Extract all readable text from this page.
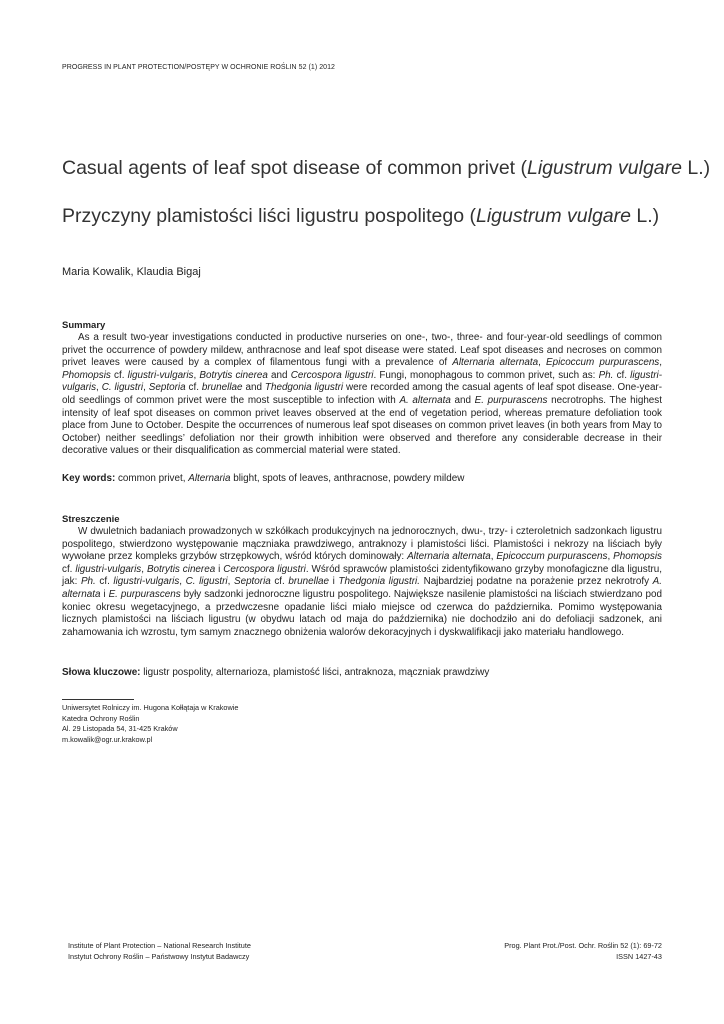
PROGRESS IN PLANT PROTECTION/POSTĘPY W OCHRONIE ROŚLIN 52 (1) 2012
Casual agents of leaf spot disease of common privet (Ligustrum vulgare L.)
Przyczyny plamistości liści ligustru pospolitego (Ligustrum vulgare L.)
Maria Kowalik, Klaudia Bigaj
Summary
As a result two-year investigations conducted in productive nurseries on one-, two-, three- and four-year-old seedlings of common privet the occurrence of powdery mildew, anthracnose and leaf spot disease were stated. Leaf spot diseases and necroses on common privet leaves were caused by a complex of filamentous fungi with a prevalence of Alternaria alternata, Epicoccum purpurascens, Phomopsis cf. ligustri-vulgaris, Botrytis cinerea and Cercospora ligustri. Fungi, monophagous to common privet, such as: Ph. cf. ligustri-vulgaris, C. ligustri, Septoria cf. brunellae and Thedgonia ligustri were recorded among the casual agents of leaf spot disease. One-year-old seedlings of common privet were the most susceptible to infection with A. alternata and E. purpurascens necrotrophs. The highest intensity of leaf spot diseases on common privet leaves observed at the end of vegetation period, whereas premature defoliation took place from June to October. Despite the occurrences of numerous leaf spot diseases on common privet leaves (in both years from May to October) neither seedlings’ defoliation nor their growth inhibition were observed and therefore any considerable decrease in their decorative values or their disqualification as commercial material were stated.
Key words: common privet, Alternaria blight, spots of leaves, anthracnose, powdery mildew
Streszczenie
W dwuletnich badaniach prowadzonych w szkółkach produkcyjnych na jednorocznych, dwu-, trzy- i czteroletnich sadzonkach ligustru pospolitego, stwierdzono występowanie mączniaka prawdziwego, antraknozy i plamistości liści. Plamistości i nekrozy na liściach były wywołane przez kompleks grzybów strzępkowych, wśród których dominowały: Alternaria alternata, Epicoccum purpurascens, Phomopsis cf. ligustri-vulgaris, Botrytis cinerea i Cercospora ligustri. Wśród sprawców plamistości zidentyfikowano grzyby monofagiczne dla ligustru, jak: Ph. cf. ligustri-vulgaris, C. ligustri, Septoria cf. brunellae i Thedgonia ligustri. Najbardziej podatne na porażenie przez nekrotrofy A. alternata i E. purpurascens były sadzonki jednoroczne ligustru pospolitego. Największe nasilenie plamistości na liściach stwierdzano pod koniec okresu wegetacyjnego, a przedwczesne opadanie liści miało miejsce od czerwca do października. Pomimo występowania licznych plamistości na liściach ligustru (w obydwu latach od maja do października) nie dochodziło ani do defoliacji sadzonek, ani zahamowania ich wzrostu, tym samym znacznego obniżenia walorów dekoracyjnych i dyskwalifikacji jako materiału handlowego.
Słowa kluczowe: ligustr pospolity, alternarioza, plamistość liści, antraknoza, mączniak prawdziwy
Uniwersytet Rolniczy im. Hugona Kołłątaja w Krakowie
Katedra Ochrony Roślin
Al. 29 Listopada 54, 31-425 Kraków
m.kowalik@ogr.ur.krakow.pl
Institute of Plant Protection – National Research Institute
Instytut Ochrony Roślin – Państwowy Instytut Badawczy
Prog. Plant Prot./Post. Ochr. Roślin 52 (1): 69-72
ISSN 1427-43
